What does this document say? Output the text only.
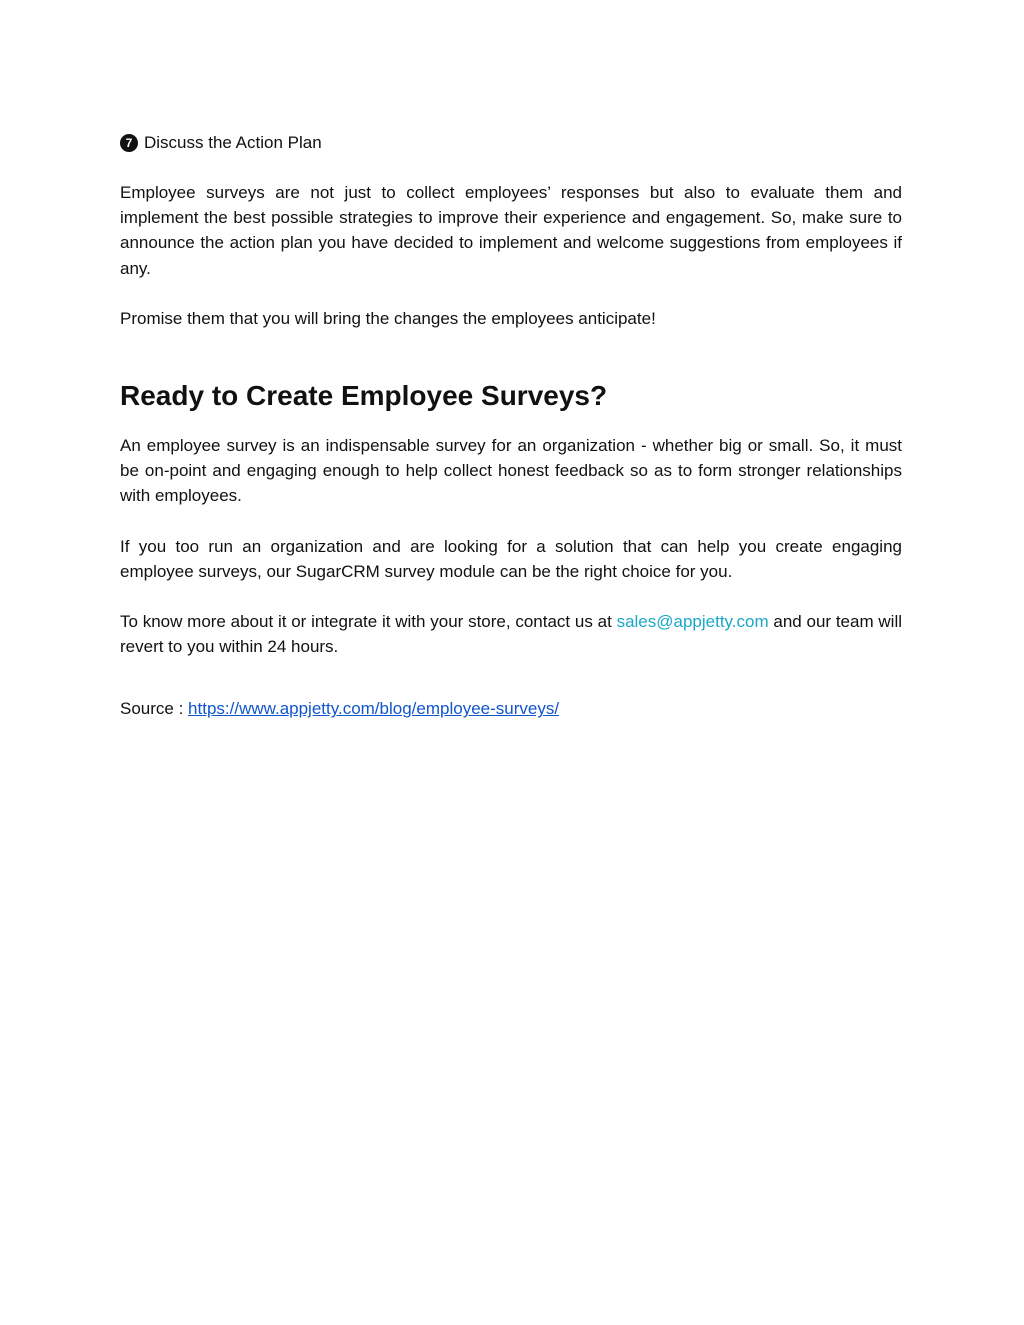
7 Discuss the Action Plan

Employee surveys are not just to collect employees’ responses but also to evaluate them and implement the best possible strategies to improve their experience and engagement. So, make sure to announce the action plan you have decided to implement and welcome suggestions from employees if any.

Promise them that you will bring the changes the employees anticipate!

Ready to Create Employee Surveys?

An employee survey is an indispensable survey for an organization - whether big or small. So, it must be on-point and engaging enough to help collect honest feedback so as to form stronger relationships with employees.

If you too run an organization and are looking for a solution that can help you create engaging employee surveys, our SugarCRM survey module can be the right choice for you.

To know more about it or integrate it with your store, contact us at sales@appjetty.com and our team will revert to you within 24 hours.

Source : https://www.appjetty.com/blog/employee-surveys/
